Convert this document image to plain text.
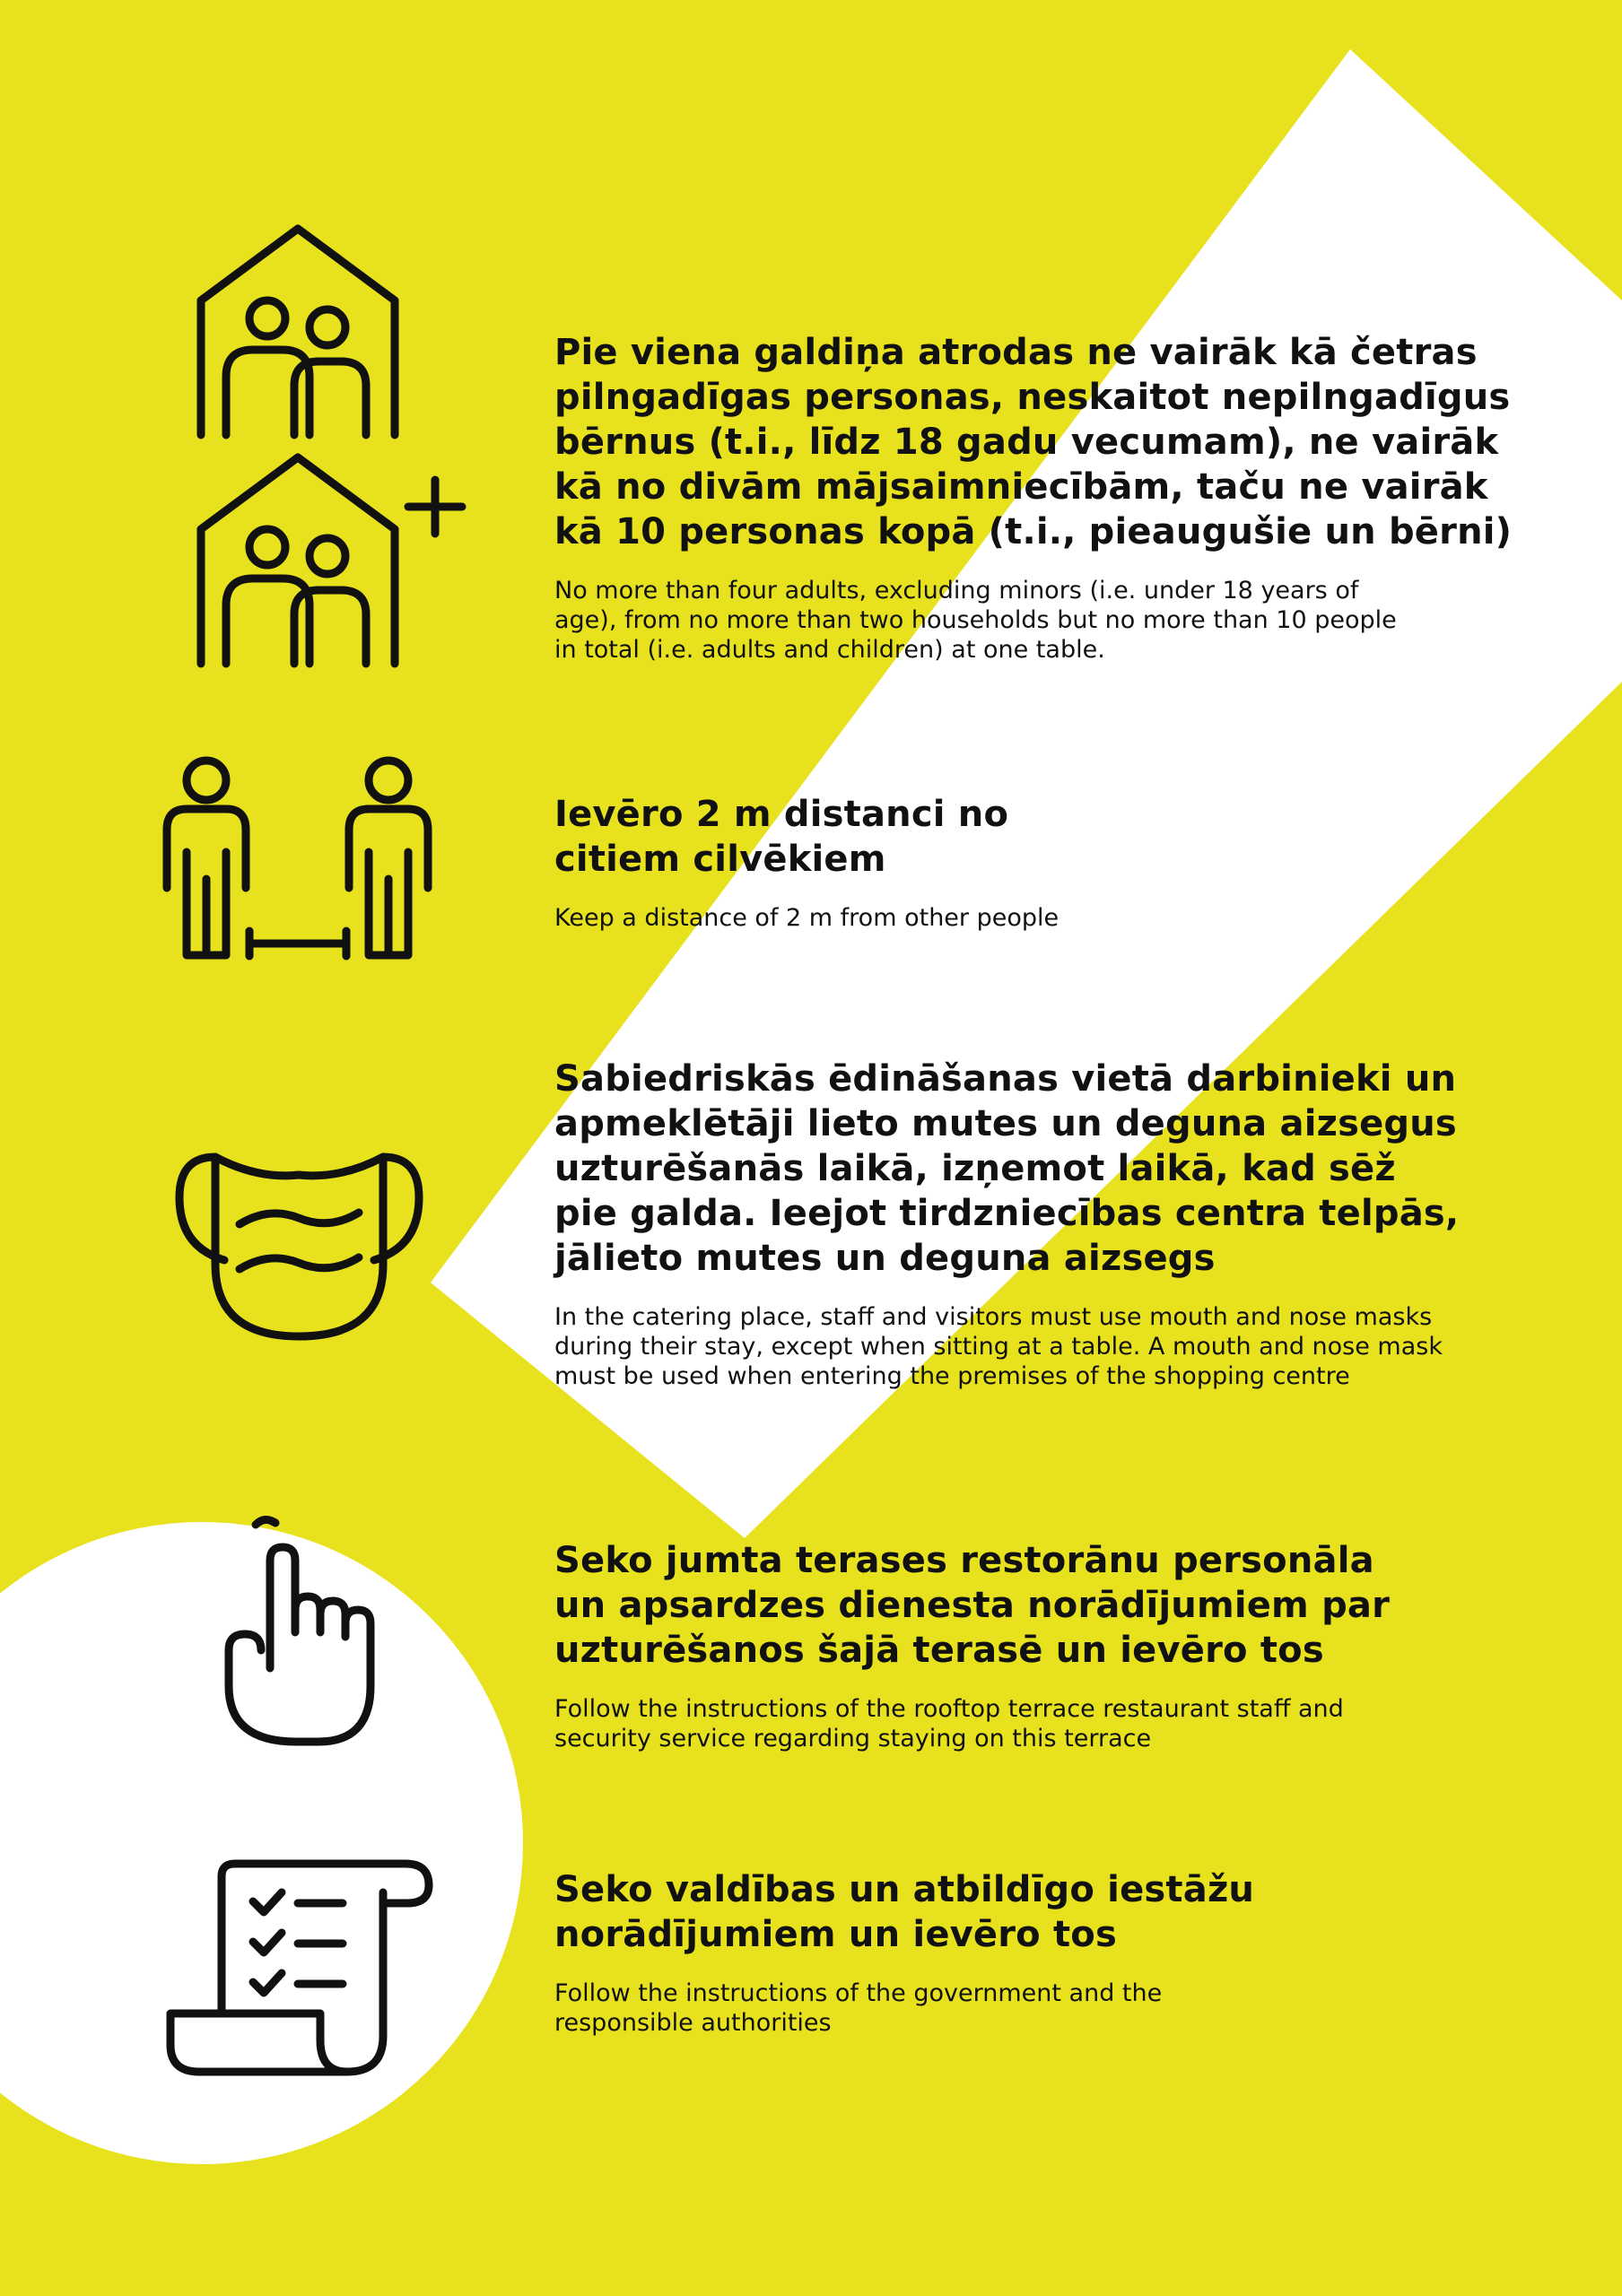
Pie viena galdiņa atrodas ne vairāk kā četras pilngadīgas personas, neskaitot nepilngadīgus bērnus (t.i., līdz 18 gadu vecumam), ne vairāk kā no divām mājsaimniecībām, taču ne vairāk kā 10 personas kopā (t.i., pieaugušie un bērni)

No more than four adults, excluding minors (i.e. under 18 years of age), from no more than two households but no more than 10 people in total (i.e. adults and children) at one table.

Ievēro 2 m distanci no citiem cilvēkiem

Keep a distance of 2 m from other people

Sabiedriskās ēdināšanas vietā darbinieki un apmeklētāji lieto mutes un deguna aizsegus uzturēšanās laikā, izņemot laikā, kad sēž pie galda. Ieejot tirdzniecības centra telpās, jālieto mutes un deguna aizsegs

In the catering place, staff and visitors must use mouth and nose masks during their stay, except when sitting at a table. A mouth and nose mask must be used when entering the premises of the shopping centre

Seko jumta terases restorānu personāla un apsardzes dienesta norādījumiem par uzturēšanos šajā terasē un ievēro tos

Follow the instructions of the rooftop terrace restaurant staff and security service regarding staying on this terrace

Seko valdības un atbildīgo iestāžu norādījumiem un ievēro tos

Follow the instructions of the government and the responsible authorities
